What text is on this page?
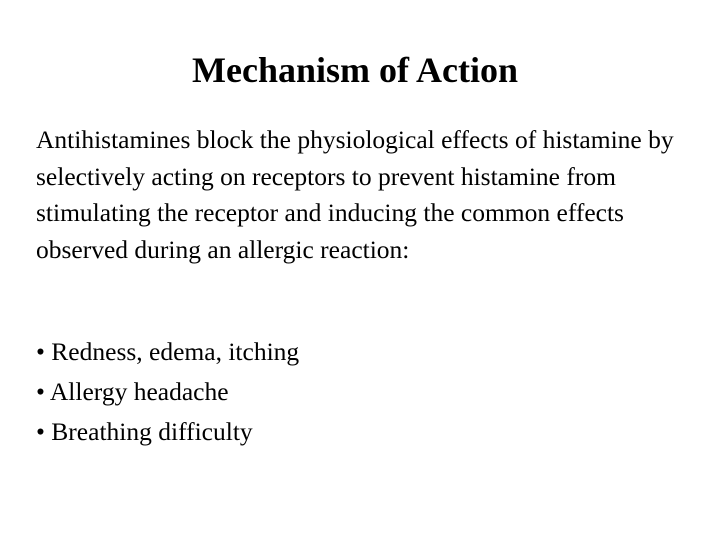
Mechanism of Action

Antihistamines block the physiological effects of histamine by selectively acting on receptors to prevent histamine from stimulating the receptor and inducing the common effects observed during an allergic reaction:

• Redness, edema, itching
• Allergy headache
• Breathing difficulty
